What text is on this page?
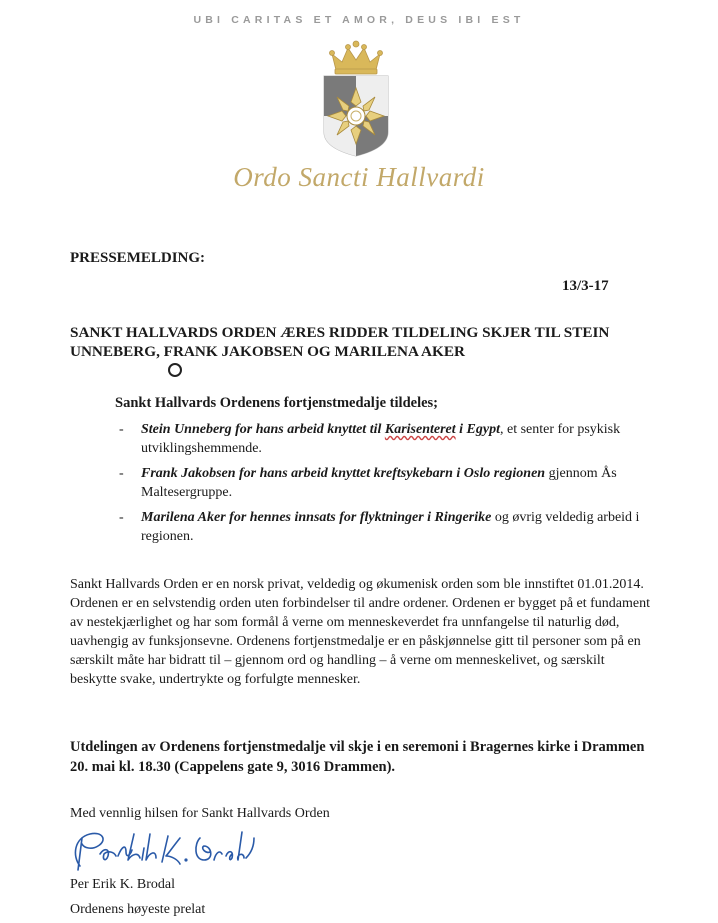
UBI CARITAS ET AMOR, DEUS IBI EST
Ordo Sancti Hallvardi
PRESSEMELDING:
13/3-17
SANKT HALLVARDS ORDEN ÆRES RIDDER TILDELING SKJER TIL STEIN UNNEBERG, FRANK JAKOBSEN OG MARILENA AKER
Sankt Hallvards Ordenens fortjenstmedalje tildeles;
- Stein Unneberg for hans arbeid knyttet til Karisenteret i Egypt, et senter for psykisk utviklingshemmende.
- Frank Jakobsen for hans arbeid knyttet kreftsykebarn i Oslo regionen gjennom Ås Maltesergruppe.
- Marilena Aker for hennes innsats for flyktninger i Ringerike og øvrig veldedig arbeid i regionen.
Sankt Hallvards Orden er en norsk privat, veldedig og økumenisk orden som ble innstiftet 01.01.2014. Ordenen er en selvstendig orden uten forbindelser til andre ordener. Ordenen er bygget på et fundament av nestekjærlighet og har som formål å verne om menneskeverdet fra unnfangelse til naturlig død, uavhengig av funksjonsevne. Ordenens fortjenstmedalje er en påskjønnelse gitt til personer som på en særskilt måte har bidratt til – gjennom ord og handling – å verne om menneskelivet, og særskilt beskytte svake, undertrykte og forfulgte mennesker.
Utdelingen av Ordenens fortjenstmedalje vil skje i en seremoni i Bragernes kirke i Drammen 20. mai kl. 18.30 (Cappelens gate 9, 3016 Drammen).
Med vennlig hilsen for Sankt Hallvards Orden
Per Erik K. Brodal
Ordenens høyeste prelat
